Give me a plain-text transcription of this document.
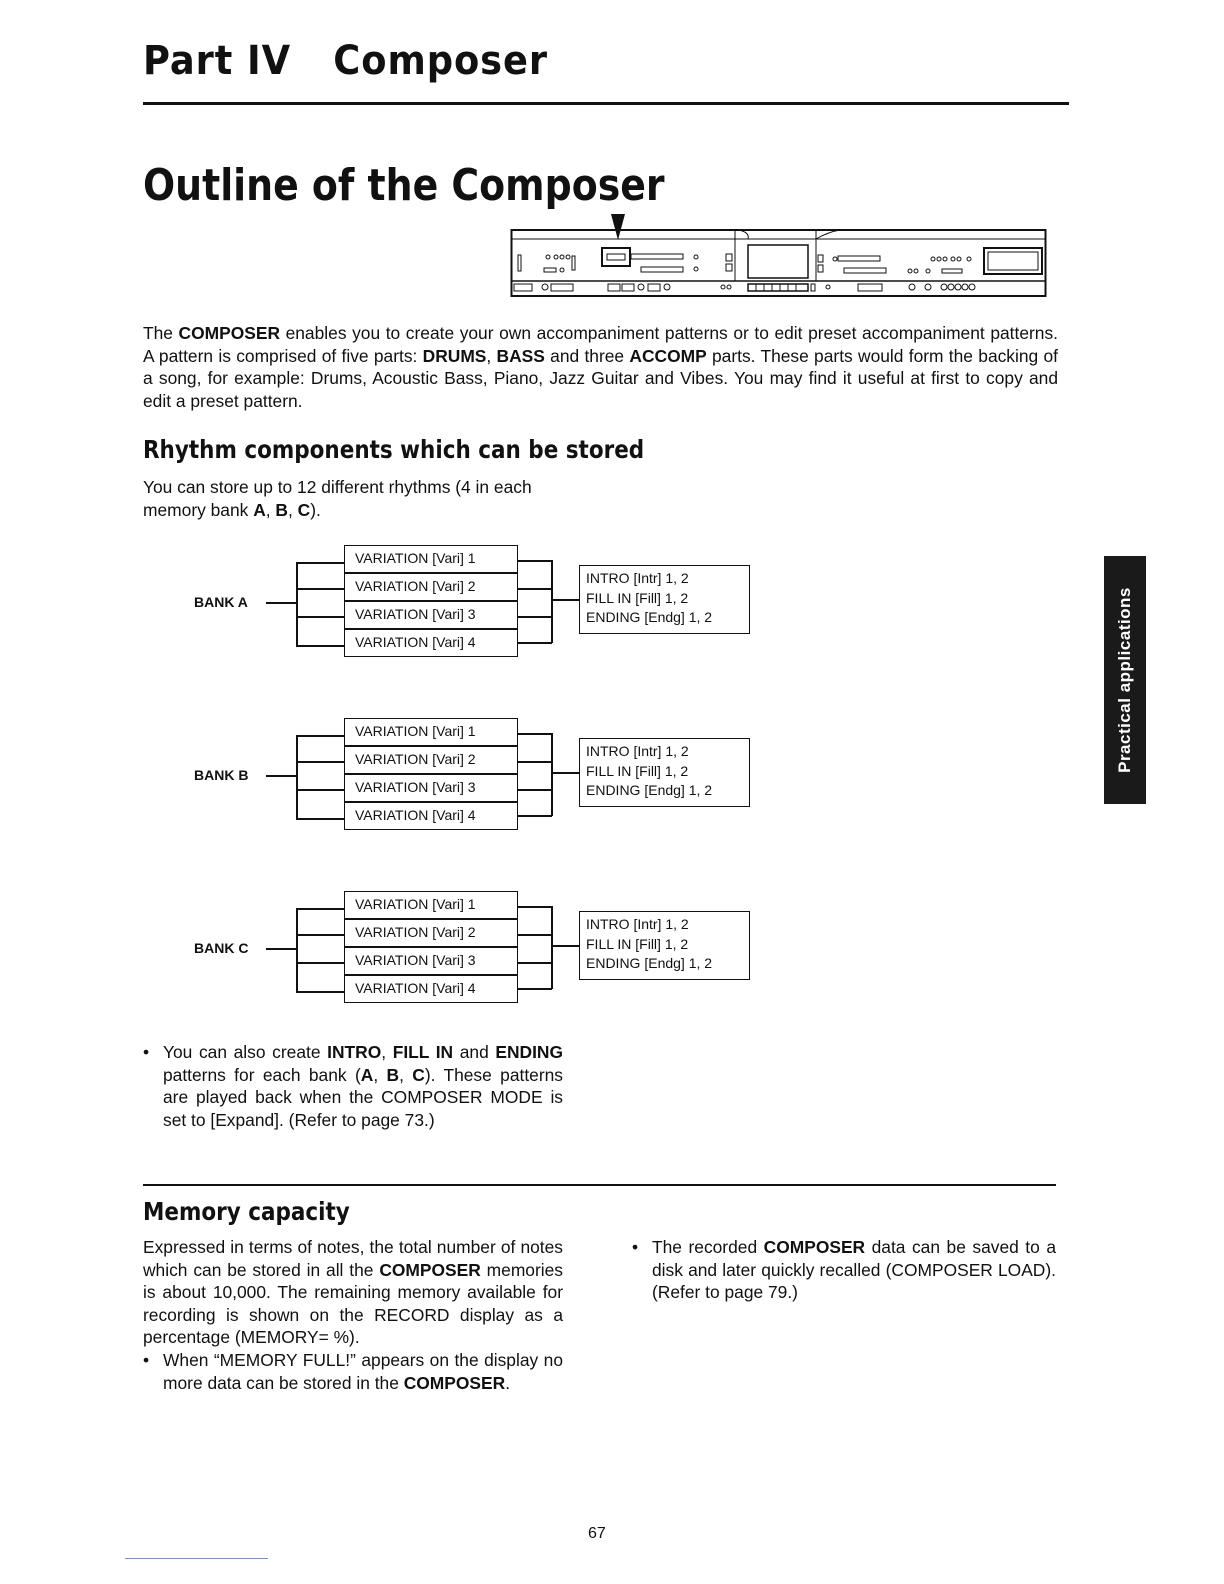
Part IV Composer
Outline of the Composer
The COMPOSER enables you to create your own accompaniment patterns or to edit preset accompaniment patterns. A pattern is comprised of five parts: DRUMS, BASS and three ACCOMP parts. These parts would form the backing of a song, for example: Drums, Acoustic Bass, Piano, Jazz Guitar and Vibes. You may find it useful at first to copy and edit a preset pattern.
Rhythm components which can be stored
You can store up to 12 different rhythms (4 in each memory bank A, B, C).
BANK A
VARIATION [Vari] 1
VARIATION [Vari] 2
VARIATION [Vari] 3
VARIATION [Vari] 4
INTRO [Intr] 1, 2
FILL IN [Fill] 1, 2
ENDING [Endg] 1, 2
BANK B
VARIATION [Vari] 1
VARIATION [Vari] 2
VARIATION [Vari] 3
VARIATION [Vari] 4
INTRO [Intr] 1, 2
FILL IN [Fill] 1, 2
ENDING [Endg] 1, 2
BANK C
VARIATION [Vari] 1
VARIATION [Vari] 2
VARIATION [Vari] 3
VARIATION [Vari] 4
INTRO [Intr] 1, 2
FILL IN [Fill] 1, 2
ENDING [Endg] 1, 2
• You can also create INTRO, FILL IN and ENDING patterns for each bank (A, B, C). These patterns are played back when the COMPOSER MODE is set to [Expand]. (Refer to page 73.)
Memory capacity
Expressed in terms of notes, the total number of notes which can be stored in all the COMPOSER memories is about 10,000. The remaining memory available for recording is shown on the RECORD display as a percentage (MEMORY= %).
• When “MEMORY FULL!” appears on the display no more data can be stored in the COMPOSER.
• The recorded COMPOSER data can be saved to a disk and later quickly recalled (COMPOSER LOAD). (Refer to page 79.)
Practical applications
67
